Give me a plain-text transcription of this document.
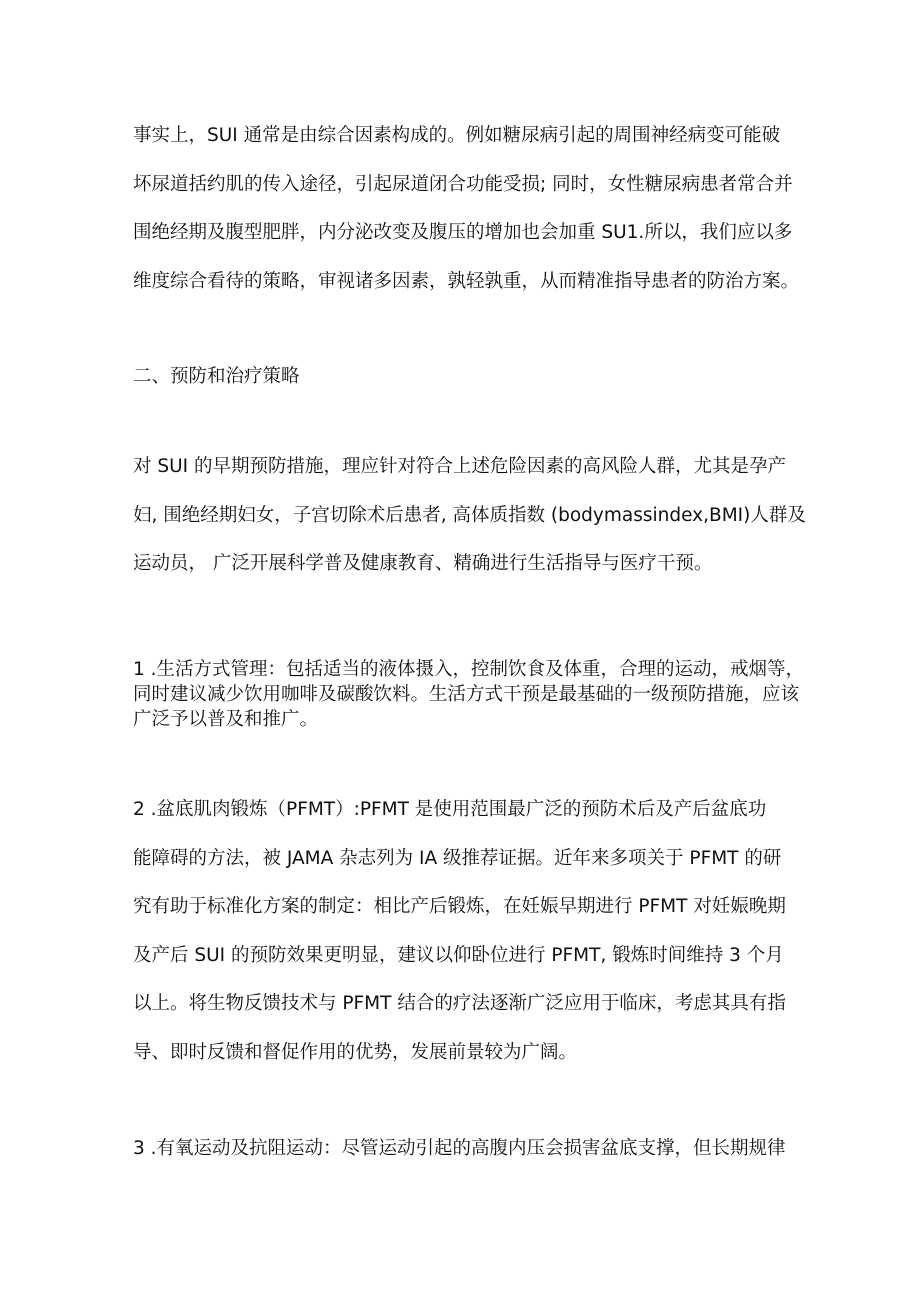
事实上，SUI 通常是由综合因素构成的。例如糖尿病引起的周围神经病变可能破
坏尿道括约肌的传入途径，引起尿道闭合功能受损; 同时，女性糖尿病患者常合并
围绝经期及腹型肥胖，内分泌改变及腹压的增加也会加重 SU1.所以，我们应以多
维度综合看待的策略，审视诸多因素，孰轻孰重，从而精准指导患者的防治方案。

二、预防和治疗策略

对 SUI 的早期预防措施，理应针对符合上述危险因素的高风险人群，尤其是孕产
妇, 围绝经期妇女，子宫切除术后患者, 高体质指数 (bodymassindex,BMI)人群及
运动员， 广泛开展科学普及健康教育、精确进行生活指导与医疗干预。

1 .生活方式管理：包括适当的液体摄入，控制饮食及体重，合理的运动，戒烟等，
同时建议减少饮用咖啡及碳酸饮料。生活方式干预是最基础的一级预防措施，应该
广泛予以普及和推广。

2 .盆底肌肉锻炼（PFMT）:PFMT 是使用范围最广泛的预防术后及产后盆底功
能障碍的方法，被 JAMA 杂志列为 IA 级推荐证据。近年来多项关于 PFMT 的研
究有助于标准化方案的制定：相比产后锻炼，在妊娠早期进行 PFMT 对妊娠晚期
及产后 SUI 的预防效果更明显，建议以仰卧位进行 PFMT, 锻炼时间维持 3 个月
以上。将生物反馈技术与 PFMT 结合的疗法逐渐广泛应用于临床，考虑其具有指
导、即时反馈和督促作用的优势，发展前景较为广阔。

3 .有氧运动及抗阻运动：尽管运动引起的高腹内压会损害盆底支撑，但长期规律
